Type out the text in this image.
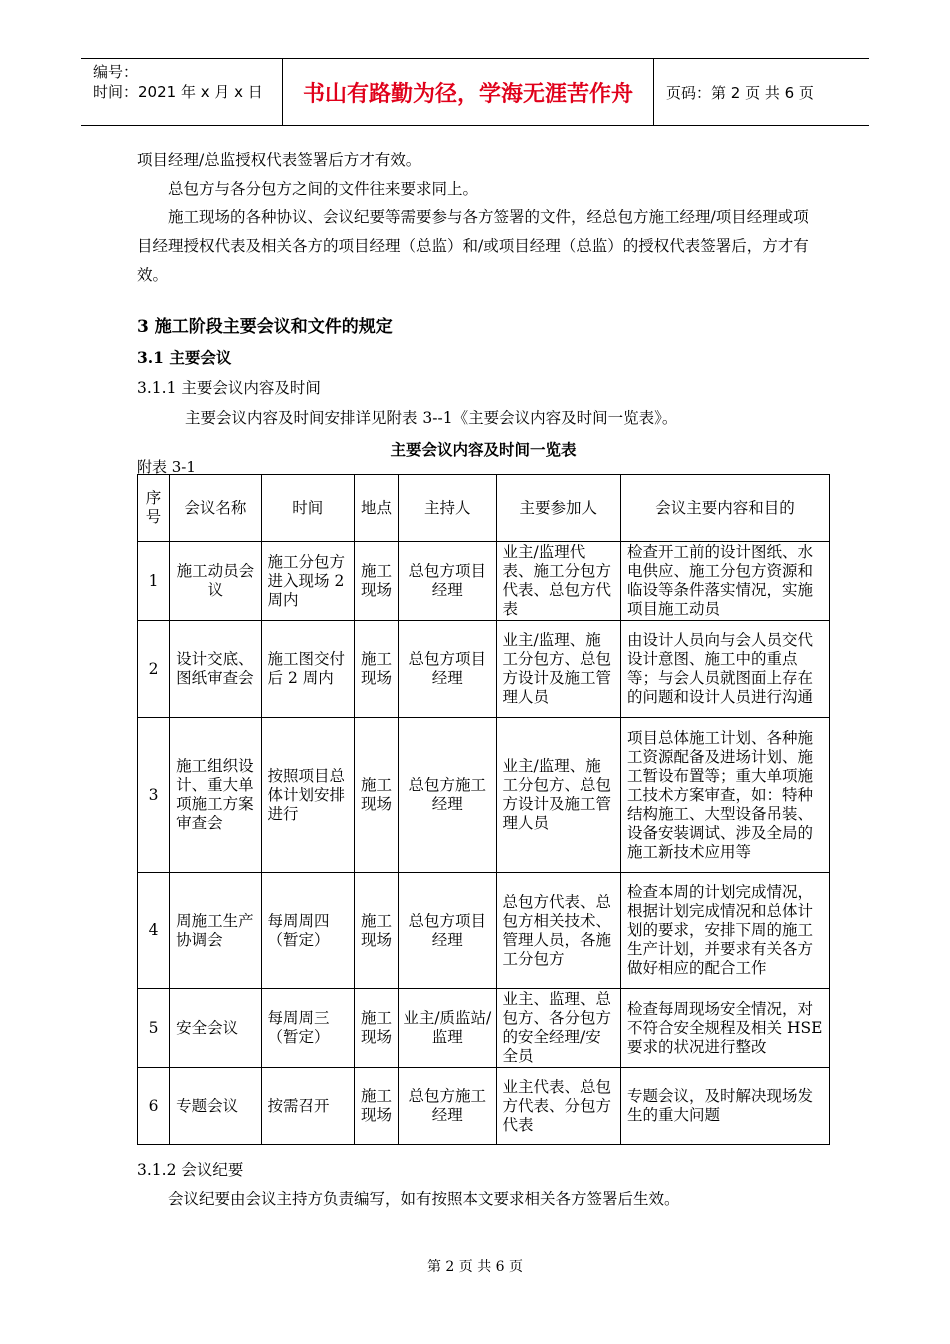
编号：
时间：2021 年 x 月 x 日	书山有路勤为径，学海无涯苦作舟	页码：第 2 页 共 6 页

项目经理/总监授权代表签署后方才有效。

总包方与各分包方之间的文件往来要求同上。

施工现场的各种协议、会议纪要等需要参与各方签署的文件，经总包方施工经理/项目经理或项目经理授权代表及相关各方的项目经理（总监）和/或项目经理（总监）的授权代表签署后，方才有效。

3 施工阶段主要会议和文件的规定
3.1 主要会议
3.1.1 主要会议内容及时间

主要会议内容及时间安排详见附表 3--1《主要会议内容及时间一览表》。

主要会议内容及时间一览表
附表 3-1
序号	会议名称	时间	地点	主持人	主要参加人	会议主要内容和目的
1	施工动员会议	施工分包方进入现场 2 周内	施工现场	总包方项目经理	业主/监理代表、施工分包方代表、总包方代表	检查开工前的设计图纸、水电供应、施工分包方资源和临设等条件落实情况，实施项目施工动员
2	设计交底、图纸审查会	施工图交付后 2 周内	施工现场	总包方项目经理	业主/监理、施工分包方、总包方设计及施工管理人员	由设计人员向与会人员交代设计意图、施工中的重点等；与会人员就图面上存在的问题和设计人员进行沟通
3	施工组织设计、重大单项施工方案审查会	按照项目总体计划安排进行	施工现场	总包方施工经理	业主/监理、施工分包方、总包方设计及施工管理人员	项目总体施工计划、各种施工资源配备及进场计划、施工暂设布置等；重大单项施工技术方案审查，如：特种结构施工、大型设备吊装、设备安装调试、涉及全局的施工新技术应用等
4	周施工生产协调会	每周周四（暂定）	施工现场	总包方项目经理	总包方代表、总包方相关技术、管理人员，各施工分包方	检查本周的计划完成情况，根据计划完成情况和总体计划的要求，安排下周的施工生产计划，并要求有关各方做好相应的配合工作
5	安全会议	每周周三（暂定）	施工现场	业主/质监站/监理	业主、监理、总包方、各分包方的安全经理/安全员	检查每周现场安全情况，对不符合安全规程及相关 HSE 要求的状况进行整改
6	专题会议	按需召开	施工现场	总包方施工经理	业主代表、总包方代表、分包方代表	专题会议，及时解决现场发生的重大问题
3.1.2 会议纪要

会议纪要由会议主持方负责编写，如有按照本文要求相关各方签署后生效。

第 2 页 共 6 页
